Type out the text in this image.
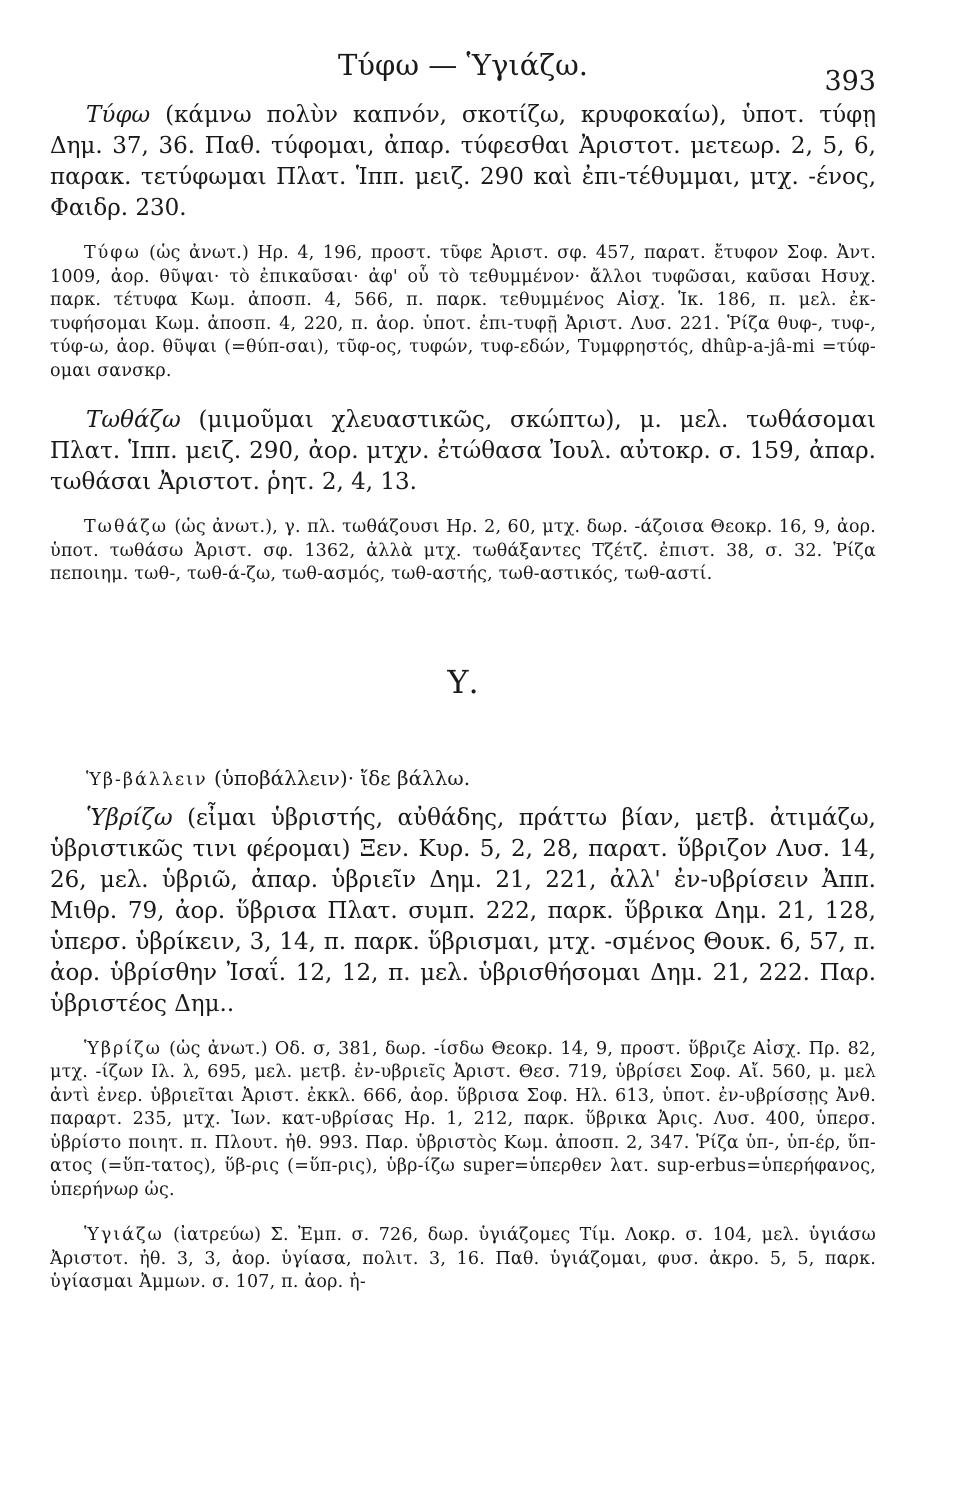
Τύφω — Ὑγιάζω.	393

Τύφω (κάμνω πολὺν καπνόν, σκοτίζω, κρυφοκαίω), ὑποτ. τύφῃ Δημ. 37, 36. Παθ. τύφομαι, ἀπαρ. τύφεσθαι Ἀριστοτ. μετεωρ. 2, 5, 6, παρακ. τετύφωμαι Πλατ. Ἱππ. μειζ. 290 καὶ ἐπι-τέθυμμαι, μτχ. -ένος, Φαιδρ. 230.

Τύφω (ὡς ἀνωτ.) Ηρ. 4, 196, προστ. τῦφε Ἀριστ. σφ. 457, παρατ. ἔτυφον Σοφ. Ἀντ. 1009, ἀορ. θῦψαι· τὸ ἐπικαῦσαι· ἀφ' οὗ τὸ τεθυμμένον· ἄλλοι τυφῶσαι, καῦσαι Ησυχ. παρκ. τέτυφα Κωμ. ἀποσπ. 4, 566, π. παρκ. τεθυμμένος Αἰσχ. Ἱκ. 186, π. μελ. ἐκ-τυφήσομαι Κωμ. ἀποσπ. 4, 220, π. ἀορ. ὑποτ. ἐπι-τυφῇ Ἀριστ. Λυσ. 221. Ῥίζα θυφ-, τυφ-, τύφ-ω, ἀορ. θῦψαι (=θύπ-σαι), τῦφ-ος, τυφών, τυφ-εδών, Τυμφρηστός, dhûp-a-jâ-mi =τύφ-ομαι σανσκρ.

Τωθάζω (μιμοῦμαι χλευαστικῶς, σκώπτω), μ. μελ. τωθάσομαι Πλατ. Ἱππ. μειζ. 290, ἀορ. μτχν. ἐτώθασα Ἰουλ. αὐτοκρ. σ. 159, ἀπαρ. τωθάσαι Ἀριστοτ. ῥητ. 2, 4, 13.

Τωθάζω (ὡς ἀνωτ.), γ. πλ. τωθάζουσι Ηρ. 2, 60, μτχ. δωρ. -άζοισα Θεοκρ. 16, 9, ἀορ. ὑποτ. τωθάσω Ἀριστ. σφ. 1362, ἀλλὰ μτχ. τωθάξαντες Τζέτζ. ἐπιστ. 38, σ. 32. Ῥίζα πεποιημ. τωθ-, τωθ-ά-ζω, τωθ-ασμός, τωθ-αστής, τωθ-αστικός, τωθ-αστί.

Υ.

Ὑβ-βάλλειν (ὑποβάλλειν)· ἴδε βάλλω.

Ὑβρίζω (εἶμαι ὑβριστής, αὐθάδης, πράττω βίαν, μετβ. ἀτιμάζω, ὑβριστικῶς τινι φέρομαι) Ξεν. Κυρ. 5, 2, 28, παρατ. ὕβριζον Λυσ. 14, 26, μελ. ὑβριῶ, ἀπαρ. ὑβριεῖν Δημ. 21, 221, ἀλλ' ἐν-υβρίσειν Ἀππ. Μιθρ. 79, ἀορ. ὕβρισα Πλατ. συμπ. 222, παρκ. ὕβρικα Δημ. 21, 128, ὑπερσ. ὑβρίκειν, 3, 14, π. παρκ. ὕβρισμαι, μτχ. -σμένος Θουκ. 6, 57, π. ἀορ. ὑβρίσθην Ἰσαΐ. 12, 12, π. μελ. ὑβρισθήσομαι Δημ. 21, 222. Παρ. ὑβριστέος Δημ..

Ὑβρίζω (ὡς ἀνωτ.) Οδ. σ, 381, δωρ. -ίσδω Θεοκρ. 14, 9, προστ. ὕβριζε Αἰσχ. Πρ. 82, μτχ. -ίζων Ιλ. λ, 695, μελ. μετβ. ἐν-υβριεῖς Ἀριστ. Θεσ. 719, ὑβρίσει Σοφ. Αἴ. 560, μ. μελ ἀντὶ ἐνερ. ὑβριεῖται Ἀριστ. ἐκκλ. 666, ἀορ. ὕβρισα Σοφ. Ηλ. 613, ὑποτ. ἐν-υβρίσσῃς Ἀνθ. παραρτ. 235, μτχ. Ἰων. κατ-υβρίσας Ηρ. 1, 212, παρκ. ὕβρικα Ἀρις. Λυσ. 400, ὑπερσ. ὑβρίστο ποιητ. π. Πλουτ. ἠθ. 993. Παρ. ὑβριστὸς Κωμ. ἀποσπ. 2, 347. Ῥίζα ὑπ-, ὑπ-έρ, ὕπ-ατος (=ὕπ-τατος), ὕβ-ρις (=ὕπ-ρις), ὑβρ-ίζω super=ὑπερθεν λατ. sup-erbus=ὑπερήφανος, ὑπερήνωρ ὡς.

Ὑγιάζω (ἰατρεύω) Σ. Ἐμπ. σ. 726, δωρ. ὑγιάζομες Τίμ. Λοκρ. σ. 104, μελ. ὑγιάσω Ἀριστοτ. ἠθ. 3, 3, ἀορ. ὑγίασα, πολιτ. 3, 16. Παθ. ὑγιάζομαι, φυσ. ἀκρο. 5, 5, παρκ. ὑγίασμαι Ἀμμων. σ. 107, π. ἀορ. ἠ-
